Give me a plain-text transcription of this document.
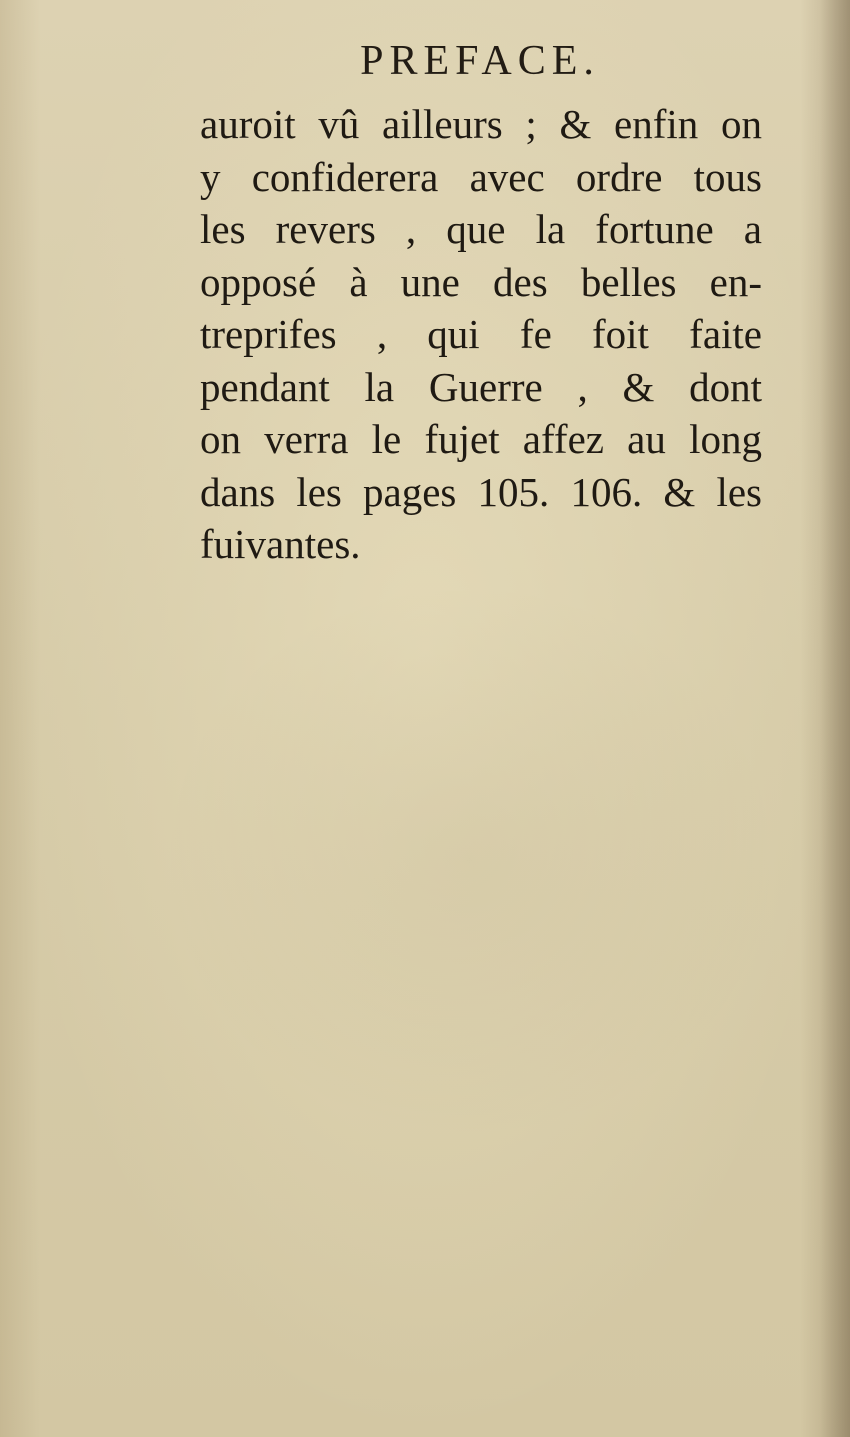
PREFACE.
auroit vû ailleurs ; & enfin on
y confiderera avec ordre tous
les revers , que la fortune a
opposé à une des belles en-
treprifes , qui fe foit faite
pendant la Guerre , & dont
on verra le fujet affez au long
dans les pages 105. 106. & les
fuivantes.
